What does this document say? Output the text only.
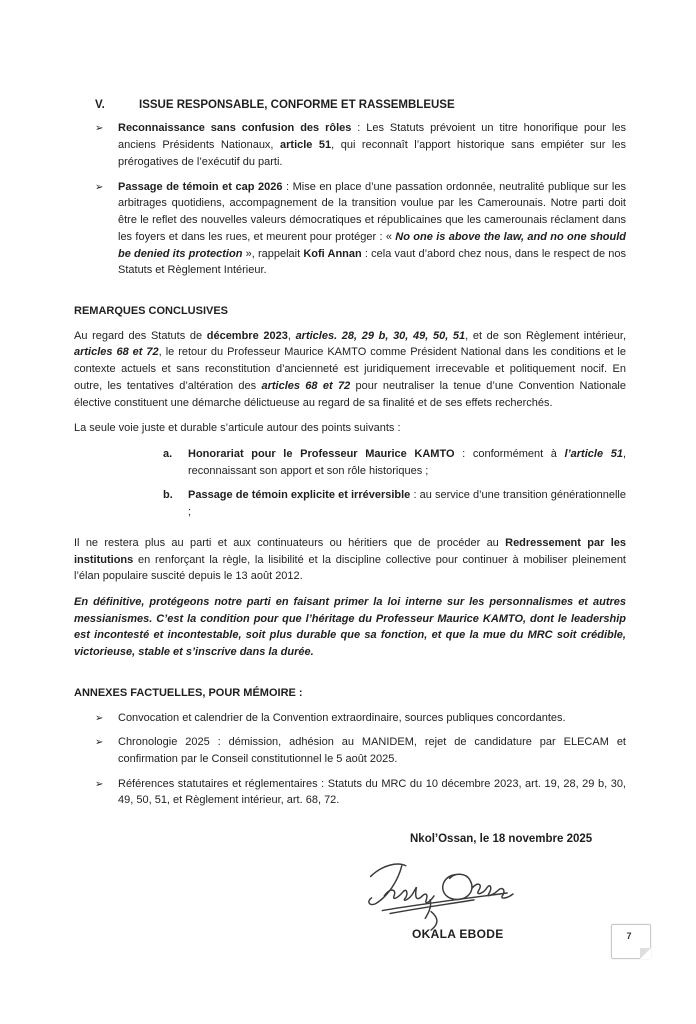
V.	ISSUE RESPONSABLE, CONFORME ET RASSEMBLEUSE
➢	Reconnaissance sans confusion des rôles : Les Statuts prévoient un titre honorifique pour les anciens Présidents Nationaux, article 51, qui reconnaît l’apport historique sans empiéter sur les prérogatives de l’exécutif du parti.
➢	Passage de témoin et cap 2026 : Mise en place d’une passation ordonnée, neutralité publique sur les arbitrages quotidiens, accompagnement de la transition voulue par les Camerounais. Notre parti doit être le reflet des nouvelles valeurs démocratiques et républicaines que les camerounais réclament dans les foyers et dans les rues, et meurent pour protéger : « No one is above the law, and no one should be denied its protection », rappelait Kofi Annan : cela vaut d’abord chez nous, dans le respect de nos Statuts et Règlement Intérieur.
REMARQUES CONCLUSIVES
Au regard des Statuts de décembre 2023, articles. 28, 29 b, 30, 49, 50, 51, et de son Règlement intérieur, articles 68 et 72, le retour du Professeur Maurice KAMTO comme Président National dans les conditions et le contexte actuels et sans reconstitution d’ancienneté est juridiquement irrecevable et politiquement nocif. En outre, les tentatives d’altération des articles 68 et 72 pour neutraliser la tenue d’une Convention Nationale élective constituent une démarche délictueuse au regard de sa finalité et de ses effets recherchés.
La seule voie juste et durable s’articule autour des points suivants :
a.	Honorariat pour le Professeur Maurice KAMTO : conformément à l’article 51, reconnaissant son apport et son rôle historiques ;
b.	Passage de témoin explicite et irréversible : au service d’une transition générationnelle ;
Il ne restera plus au parti et aux continuateurs ou héritiers que de procéder au Redressement par les institutions en renforçant la règle, la lisibilité et la discipline collective pour continuer à mobiliser pleinement l’élan populaire suscité depuis le 13 août 2012.
En définitive, protégeons notre parti en faisant primer la loi interne sur les personnalismes et autres messianismes. C’est la condition pour que l’héritage du Professeur Maurice KAMTO, dont le leadership est incontesté et incontestable, soit plus durable que sa fonction, et que la mue du MRC soit crédible, victorieuse, stable et s’inscrive dans la durée.
ANNEXES FACTUELLES, POUR MÉMOIRE :
➢	Convocation et calendrier de la Convention extraordinaire, sources publiques concordantes.
➢	Chronologie 2025 : démission, adhésion au MANIDEM, rejet de candidature par ELECAM et confirmation par le Conseil constitutionnel le 5 août 2025.
➢	Références statutaires et réglementaires : Statuts du MRC du 10 décembre 2023, art. 19, 28, 29 b, 30, 49, 50, 51, et Règlement intérieur, art. 68, 72.
Nkol’Ossan, le 18 novembre 2025
OKALA EBODE	7
